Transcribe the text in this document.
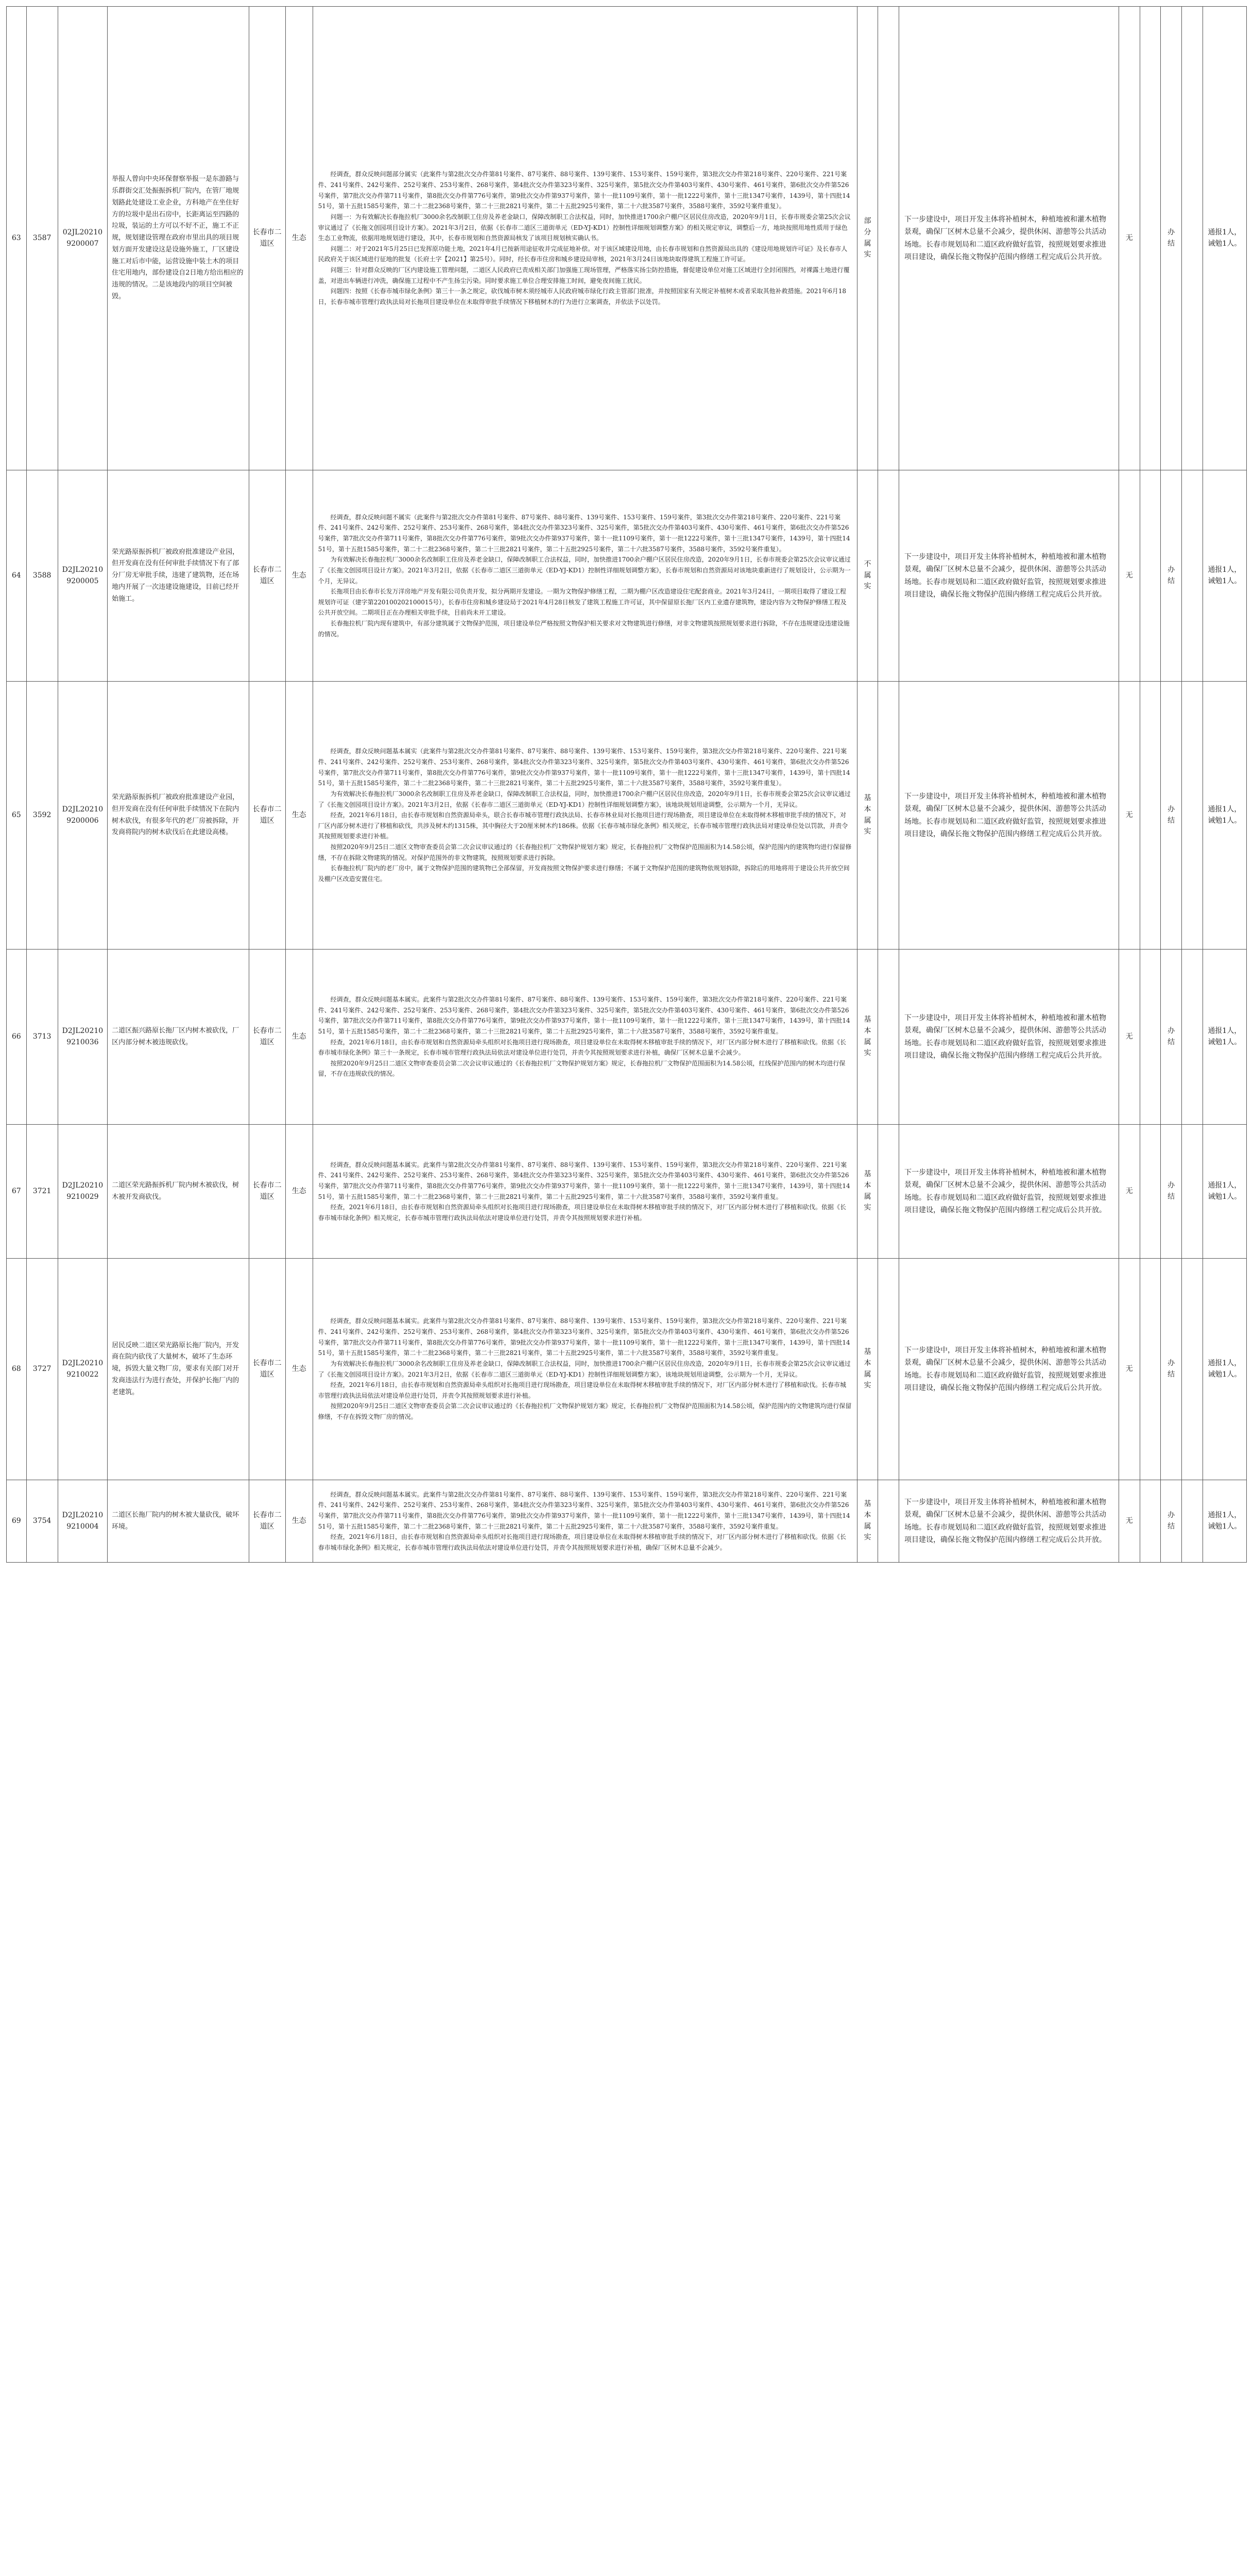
63	3587	02JL202109200007	举报人曾向中央环保督察举报一是东游路与乐群街交汇处振振拆机厂院内，在管厂地规划路此处建设工业企业，方科地产在坐住好方的垃圾中是出石房中，长距离运至四路的垃圾，装运的土方可以不好不正，施工不正规，规划建设管理在政府市里出具的项目规划方面开发建设这是设施外施工，厂区建设施工对后市中能，运营设施中装土木的项目住宅用地内，部份建设自2日地方给出相应的违规的情况。二是该地段内的项目空间被毁。	长春市二道区	生态	经调查，群众反映问题部分属实（此案件与第2批次交办件第81号案件、87号案件、88号案件、139号案件、153号案件、159号案件，第3批次交办件第218号案件、220号案件、221号案件、241号案件、242号案件、252号案件、253号案件、268号案件，第4批次交办件第323号案件、325号案件，第5批次交办件第403号案件、430号案件、461号案件，第6批次交办件第526号案件，第7批次交办件第711号案件，第8批次交办件第776号案件，第9批次交办件第937号案件，第十一批1109号案件，第十一批1222号案件，第十三批1347号案件，1439号，第十四批1451号，第十五批1585号案件，第二十二批2368号案件，第二十三批2821号案件，第二十五批2925号案件，第二十六批3587号案件，3588号案件，3592号案件重复）。

问题一：为有效解决长春拖拉机厂3000余名改制职工住房及养老金缺口，保障改制职工合法权益，同时，加快推进1700余户棚户区居民住房改造，2020年9月1日，长春市规委会第25次会议审议通过了《长拖文创园项目设计方案》。2021年3月2日，依据《长春市二道区三道街单元（ED-YJ-KD1）控制性详细规划调整方案》的相关规定审议，调整后一方，地块按照用地性质用于绿色生态工业物流，依据用地规划进行建设，其中，长春市规划和自然资源局核发了该项目规划核实确认书。

问题二：对于2021年5月25日已发挥原功能土地，2021年4月已按新用途征收并完成征地补偿。对于该区域建设用地，由长春市规划和自然资源局出具的《建设用地规划许可证》及长春市人民政府关于该区域进行征地的批复（长府土字【2021】第25号）。同时，经长春市住房和城乡建设局审核，2021年3月24日该地块取得建筑工程施工许可证。

问题三：针对群众反映的厂区内建设施工管理问题，二道区人民政府已责成相关部门加强施工现场管理，严格落实扬尘防控措施，督促建设单位对施工区域进行全封闭围挡，对裸露土地进行覆盖，对进出车辆进行冲洗，确保施工过程中不产生扬尘污染。同时要求施工单位合理安排施工时间，避免夜间施工扰民。

问题四：按照《长春市城市绿化条例》第三十一条之规定，砍伐城市树木须经城市人民政府城市绿化行政主管部门批准，并按照国家有关规定补植树木或者采取其他补救措施。2021年6月18日，长春市城市管理行政执法局对长拖项目建设单位在未取得审批手续情况下移植树木的行为进行立案调查，并依法予以处罚。	部分属实		下一步建设中，项目开发主体将补植树木，种植地被和灌木植物景观，确保厂区树木总量不会减少，提供休闲、游憩等公共活动场地。长春市规划局和二道区政府做好监管，按照规划要求推进项目建设，确保长拖文物保护范围内修缮工程完成后公共开放。	无		办结		通报1人，诫勉1人。
64	3588	D2JL202109200005	荣光路原振拆机厂被政府批准建设产业园，但开发商在没有任何审批手续情况下有了部分厂房无审批手续，违建了建筑物，还在场地内开展了一次违建设施建设，目前已经开始施工。	长春市二道区	生态	经调查，群众反映问题不属实（此案件与第2批次交办件第81号案件、87号案件、88号案件、139号案件、153号案件、159号案件，第3批次交办件第218号案件、220号案件、221号案件、241号案件、242号案件、252号案件、253号案件、268号案件，第4批次交办件第323号案件、325号案件，第5批次交办件第403号案件、430号案件、461号案件，第6批次交办件第526号案件，第7批次交办件第711号案件，第8批次交办件第776号案件，第9批次交办件第937号案件，第十一批1109号案件，第十一批1222号案件，第十三批1347号案件，1439号，第十四批1451号，第十五批1585号案件，第二十二批2368号案件，第二十三批2821号案件，第二十五批2925号案件，第二十六批3587号案件，3588号案件，3592号案件重复）。

为有效解决长春拖拉机厂3000余名改制职工住房及养老金缺口，保障改制职工合法权益，同时，加快推进1700余户棚户区居民住房改造，2020年9月1日，长春市规委会第25次会议审议通过了《长拖文创园项目设计方案》。2021年3月2日，依据《长春市二道区三道街单元（ED-YJ-KD1）控制性详细规划调整方案》，长春市规划和自然资源局对该地块重新进行了规划设计，公示期为一个月，无异议。

长拖项目由长春市长发万洋房地产开发有限公司负责开发，拟分两期开发建设。一期为文物保护修缮工程，二期为棚户区改造建设住宅配套商业。2021年3月24日，一期项目取得了建设工程规划许可证（建字第220100202100015号），长春市住房和城乡建设局于2021年4月28日核发了建筑工程施工许可证，其中保留原长拖厂区内工业遗存建筑物，建设内容为文物保护修缮工程及公共开放空间。二期项目正在办理相关审批手续，目前尚未开工建设。

长春拖拉机厂院内现有建筑中，有部分建筑属于文物保护范围，项目建设单位严格按照文物保护相关要求对文物建筑进行修缮，对非文物建筑按照规划要求进行拆除，不存在违规建设违建设施的情况。	不属实		下一步建设中，项目开发主体将补植树木，种植地被和灌木植物景观，确保厂区树木总量不会减少，提供休闲、游憩等公共活动场地。长春市规划局和二道区政府做好监管，按照规划要求推进项目建设，确保长拖文物保护范围内修缮工程完成后公共开放。	无		办结		通报1人，诫勉1人。
65	3592	D2JL202109200006	荣光路原振拆机厂被政府批准建设产业园，但开发商在没有任何审批手续情况下在院内树木砍伐，有很多年代的老厂房被拆除，开发商将院内的树木砍伐后在此建设高楼。	长春市二道区	生态	经调查，群众反映问题基本属实（此案件与第2批次交办件第81号案件、87号案件、88号案件、139号案件、153号案件、159号案件，第3批次交办件第218号案件、220号案件、221号案件、241号案件、242号案件、252号案件、253号案件、268号案件，第4批次交办件第323号案件、325号案件，第5批次交办件第403号案件、430号案件、461号案件，第6批次交办件第526号案件，第7批次交办件第711号案件，第8批次交办件第776号案件，第9批次交办件第937号案件，第十一批1109号案件，第十一批1222号案件，第十三批1347号案件，1439号，第十四批1451号，第十五批1585号案件，第二十二批2368号案件，第二十三批2821号案件，第二十五批2925号案件，第二十六批3587号案件，3588号案件，3592号案件重复）。

为有效解决长春拖拉机厂3000余名改制职工住房及养老金缺口，保障改制职工合法权益，同时，加快推进1700余户棚户区居民住房改造，2020年9月1日，长春市规委会第25次会议审议通过了《长拖文创园项目设计方案》。2021年3月2日，依据《长春市二道区三道街单元（ED-YJ-KD1）控制性详细规划调整方案》，该地块规划用途调整，公示期为一个月，无异议。

经查，2021年6月18日，由长春市规划和自然资源局牵头，联合长春市城市管理行政执法局、长春市林业局对长拖项目进行现场勘查，项目建设单位在未取得树木移植审批手续的情况下，对厂区内部分树木进行了移植和砍伐，共涉及树木约1315株，其中胸径大于20厘米树木约186株。依据《长春市城市绿化条例》相关规定，长春市城市管理行政执法局对建设单位处以罚款，并责令其按照规划要求进行补植。

按照2020年9月25日二道区文物审查委员会第二次会议审议通过的《长春拖拉机厂文物保护规划方案》规定，长春拖拉机厂文物保护范围面积为14.58公顷，保护范围内的建筑物均进行保留修缮，不存在拆除文物建筑的情况。对保护范围外的非文物建筑，按照规划要求进行拆除。

长春拖拉机厂院内的老厂房中，属于文物保护范围的建筑物已全部保留，开发商按照文物保护要求进行修缮；不属于文物保护范围的建筑物依规划拆除，拆除后的用地将用于建设公共开放空间及棚户区改造安置住宅。	基本属实		下一步建设中，项目开发主体将补植树木，种植地被和灌木植物景观，确保厂区树木总量不会减少，提供休闲、游憩等公共活动场地。长春市规划局和二道区政府做好监管，按照规划要求推进项目建设，确保长拖文物保护范围内修缮工程完成后公共开放。	无		办结		通报1人，诫勉1人。
66	3713	D2JL202109210036	二道区振兴路原长拖厂区内树木被砍伐，厂区内部分树木被违规砍伐。	长春市二道区	生态	经调查，群众反映问题基本属实。此案件与第2批次交办件第81号案件、87号案件、88号案件、139号案件、153号案件、159号案件，第3批次交办件第218号案件、220号案件、221号案件、241号案件、242号案件、252号案件、253号案件、268号案件，第4批次交办件第323号案件、325号案件，第5批次交办件第403号案件、430号案件、461号案件，第6批次交办件第526号案件，第7批次交办件第711号案件，第8批次交办件第776号案件，第9批次交办件第937号案件，第十一批1109号案件，第十一批1222号案件，第十三批1347号案件，1439号，第十四批1451号，第十五批1585号案件，第二十二批2368号案件，第二十三批2821号案件，第二十五批2925号案件，第二十六批3587号案件，3588号案件，3592号案件重复。

经查，2021年6月18日，由长春市规划和自然资源局牵头组织对长拖项目进行现场勘查，项目建设单位在未取得树木移植审批手续的情况下，对厂区内部分树木进行了移植和砍伐。依据《长春市城市绿化条例》第三十一条规定，长春市城市管理行政执法局依法对建设单位进行处罚，并责令其按照规划要求进行补植，确保厂区树木总量不会减少。

按照2020年9月25日二道区文物审查委员会第二次会议审议通过的《长春拖拉机厂文物保护规划方案》规定，长春拖拉机厂文物保护范围面积为14.58公顷，红线保护范围内的树木均进行保留，不存在违规砍伐的情况。	基本属实		下一步建设中，项目开发主体将补植树木，种植地被和灌木植物景观，确保厂区树木总量不会减少，提供休闲、游憩等公共活动场地。长春市规划局和二道区政府做好监管，按照规划要求推进项目建设，确保长拖文物保护范围内修缮工程完成后公共开放。	无		办结		通报1人，诫勉1人。
67	3721	D2JL202109210029	二道区荣光路振拆机厂院内树木被砍伐，树木被开发商砍伐。	长春市二道区	生态	经调查，群众反映问题基本属实。此案件与第2批次交办件第81号案件、87号案件、88号案件、139号案件、153号案件、159号案件，第3批次交办件第218号案件、220号案件、221号案件、241号案件、242号案件、252号案件、253号案件、268号案件，第4批次交办件第323号案件、325号案件，第5批次交办件第403号案件、430号案件、461号案件，第6批次交办件第526号案件，第7批次交办件第711号案件，第8批次交办件第776号案件，第9批次交办件第937号案件，第十一批1109号案件，第十一批1222号案件，第十三批1347号案件，1439号，第十四批1451号，第十五批1585号案件，第二十二批2368号案件，第二十三批2821号案件，第二十五批2925号案件，第二十六批3587号案件，3588号案件，3592号案件重复。

经查，2021年6月18日，由长春市规划和自然资源局牵头组织对长拖项目进行现场勘查，项目建设单位在未取得树木移植审批手续的情况下，对厂区内部分树木进行了移植和砍伐。依据《长春市城市绿化条例》相关规定，长春市城市管理行政执法局依法对建设单位进行处罚，并责令其按照规划要求进行补植。	基本属实		下一步建设中，项目开发主体将补植树木，种植地被和灌木植物景观，确保厂区树木总量不会减少，提供休闲、游憩等公共活动场地。长春市规划局和二道区政府做好监管，按照规划要求推进项目建设，确保长拖文物保护范围内修缮工程完成后公共开放。	无		办结		通报1人，诫勉1人。
68	3727	D2JL202109210022	居民反映二道区荣光路原长拖厂院内，开发商在院内砍伐了大量树木，破坏了生态环境，拆毁大量文物厂房，要求有关部门对开发商违法行为进行查处，并保护长拖厂内的老建筑。	长春市二道区	生态	经调查，群众反映问题基本属实。此案件与第2批次交办件第81号案件、87号案件、88号案件、139号案件、153号案件、159号案件，第3批次交办件第218号案件、220号案件、221号案件、241号案件、242号案件、252号案件、253号案件、268号案件，第4批次交办件第323号案件、325号案件，第5批次交办件第403号案件、430号案件、461号案件，第6批次交办件第526号案件，第7批次交办件第711号案件，第8批次交办件第776号案件，第9批次交办件第937号案件，第十一批1109号案件，第十一批1222号案件，第十三批1347号案件，1439号，第十四批1451号，第十五批1585号案件，第二十二批2368号案件，第二十三批2821号案件，第二十五批2925号案件，第二十六批3587号案件，3588号案件，3592号案件重复。

为有效解决长春拖拉机厂3000余名改制职工住房及养老金缺口，保障改制职工合法权益，同时，加快推进1700余户棚户区居民住房改造，2020年9月1日，长春市规委会第25次会议审议通过了《长拖文创园项目设计方案》。2021年3月2日，依据《长春市二道区三道街单元（ED-YJ-KD1）控制性详细规划调整方案》，该地块规划用途调整，公示期为一个月，无异议。

经查，2021年6月18日，由长春市规划和自然资源局牵头组织对长拖项目进行现场勘查，项目建设单位在未取得树木移植审批手续的情况下，对厂区内部分树木进行了移植和砍伐。长春市城市管理行政执法局依法对建设单位进行处罚，并责令其按照规划要求进行补植。

按照2020年9月25日二道区文物审查委员会第二次会议审议通过的《长春拖拉机厂文物保护规划方案》规定，长春拖拉机厂文物保护范围面积为14.58公顷，保护范围内的文物建筑均进行保留修缮，不存在拆毁文物厂房的情况。	基本属实		下一步建设中，项目开发主体将补植树木，种植地被和灌木植物景观，确保厂区树木总量不会减少，提供休闲、游憩等公共活动场地。长春市规划局和二道区政府做好监管，按照规划要求推进项目建设，确保长拖文物保护范围内修缮工程完成后公共开放。	无		办结		通报1人，诫勉1人。
69	3754	D2JL202109210004	二道区长拖厂院内的树木被大量砍伐，破坏环境。	长春市二道区	生态	经调查，群众反映问题基本属实。此案件与第2批次交办件第81号案件、87号案件、88号案件、139号案件、153号案件、159号案件，第3批次交办件第218号案件、220号案件、221号案件、241号案件、242号案件、252号案件、253号案件、268号案件，第4批次交办件第323号案件、325号案件，第5批次交办件第403号案件、430号案件、461号案件，第6批次交办件第526号案件，第7批次交办件第711号案件，第8批次交办件第776号案件，第9批次交办件第937号案件，第十一批1109号案件，第十一批1222号案件，第十三批1347号案件，1439号，第十四批1451号，第十五批1585号案件，第二十二批2368号案件，第二十三批2821号案件，第二十五批2925号案件，第二十六批3587号案件，3588号案件，3592号案件重复。

经查，2021年6月18日，由长春市规划和自然资源局牵头组织对长拖项目进行现场勘查，项目建设单位在未取得树木移植审批手续的情况下，对厂区内部分树木进行了移植和砍伐。依据《长春市城市绿化条例》相关规定，长春市城市管理行政执法局依法对建设单位进行处罚，并责令其按照规划要求进行补植，确保厂区树木总量不会减少。	基本属实		下一步建设中，项目开发主体将补植树木，种植地被和灌木植物景观，确保厂区树木总量不会减少，提供休闲、游憩等公共活动场地。长春市规划局和二道区政府做好监管，按照规划要求推进项目建设，确保长拖文物保护范围内修缮工程完成后公共开放。	无		办结		通报1人，诫勉1人。
